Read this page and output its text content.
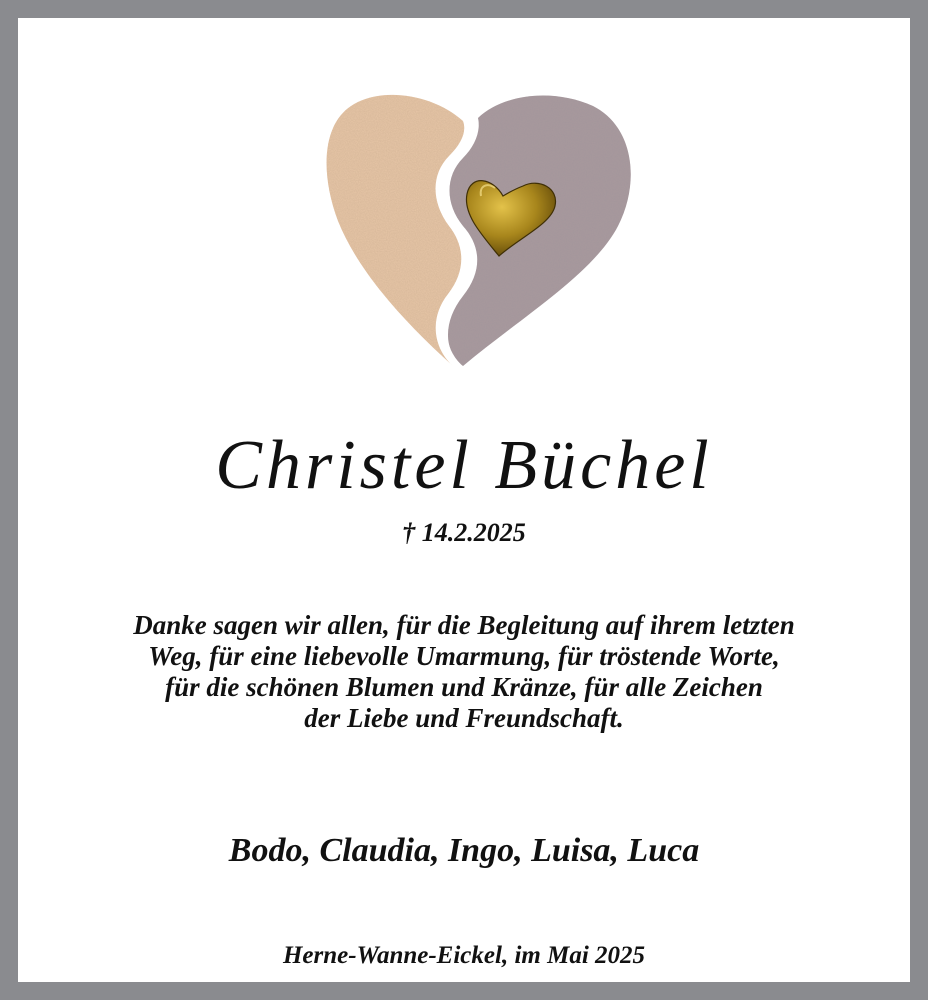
Christel Büchel
† 14.2.2025
Danke sagen wir allen, für die Begleitung auf ihrem letzten
Weg, für eine liebevolle Umarmung, für tröstende Worte,
für die schönen Blumen und Kränze, für alle Zeichen
der Liebe und Freundschaft.
Bodo, Claudia, Ingo, Luisa, Luca
Herne-Wanne-Eickel, im Mai 2025
